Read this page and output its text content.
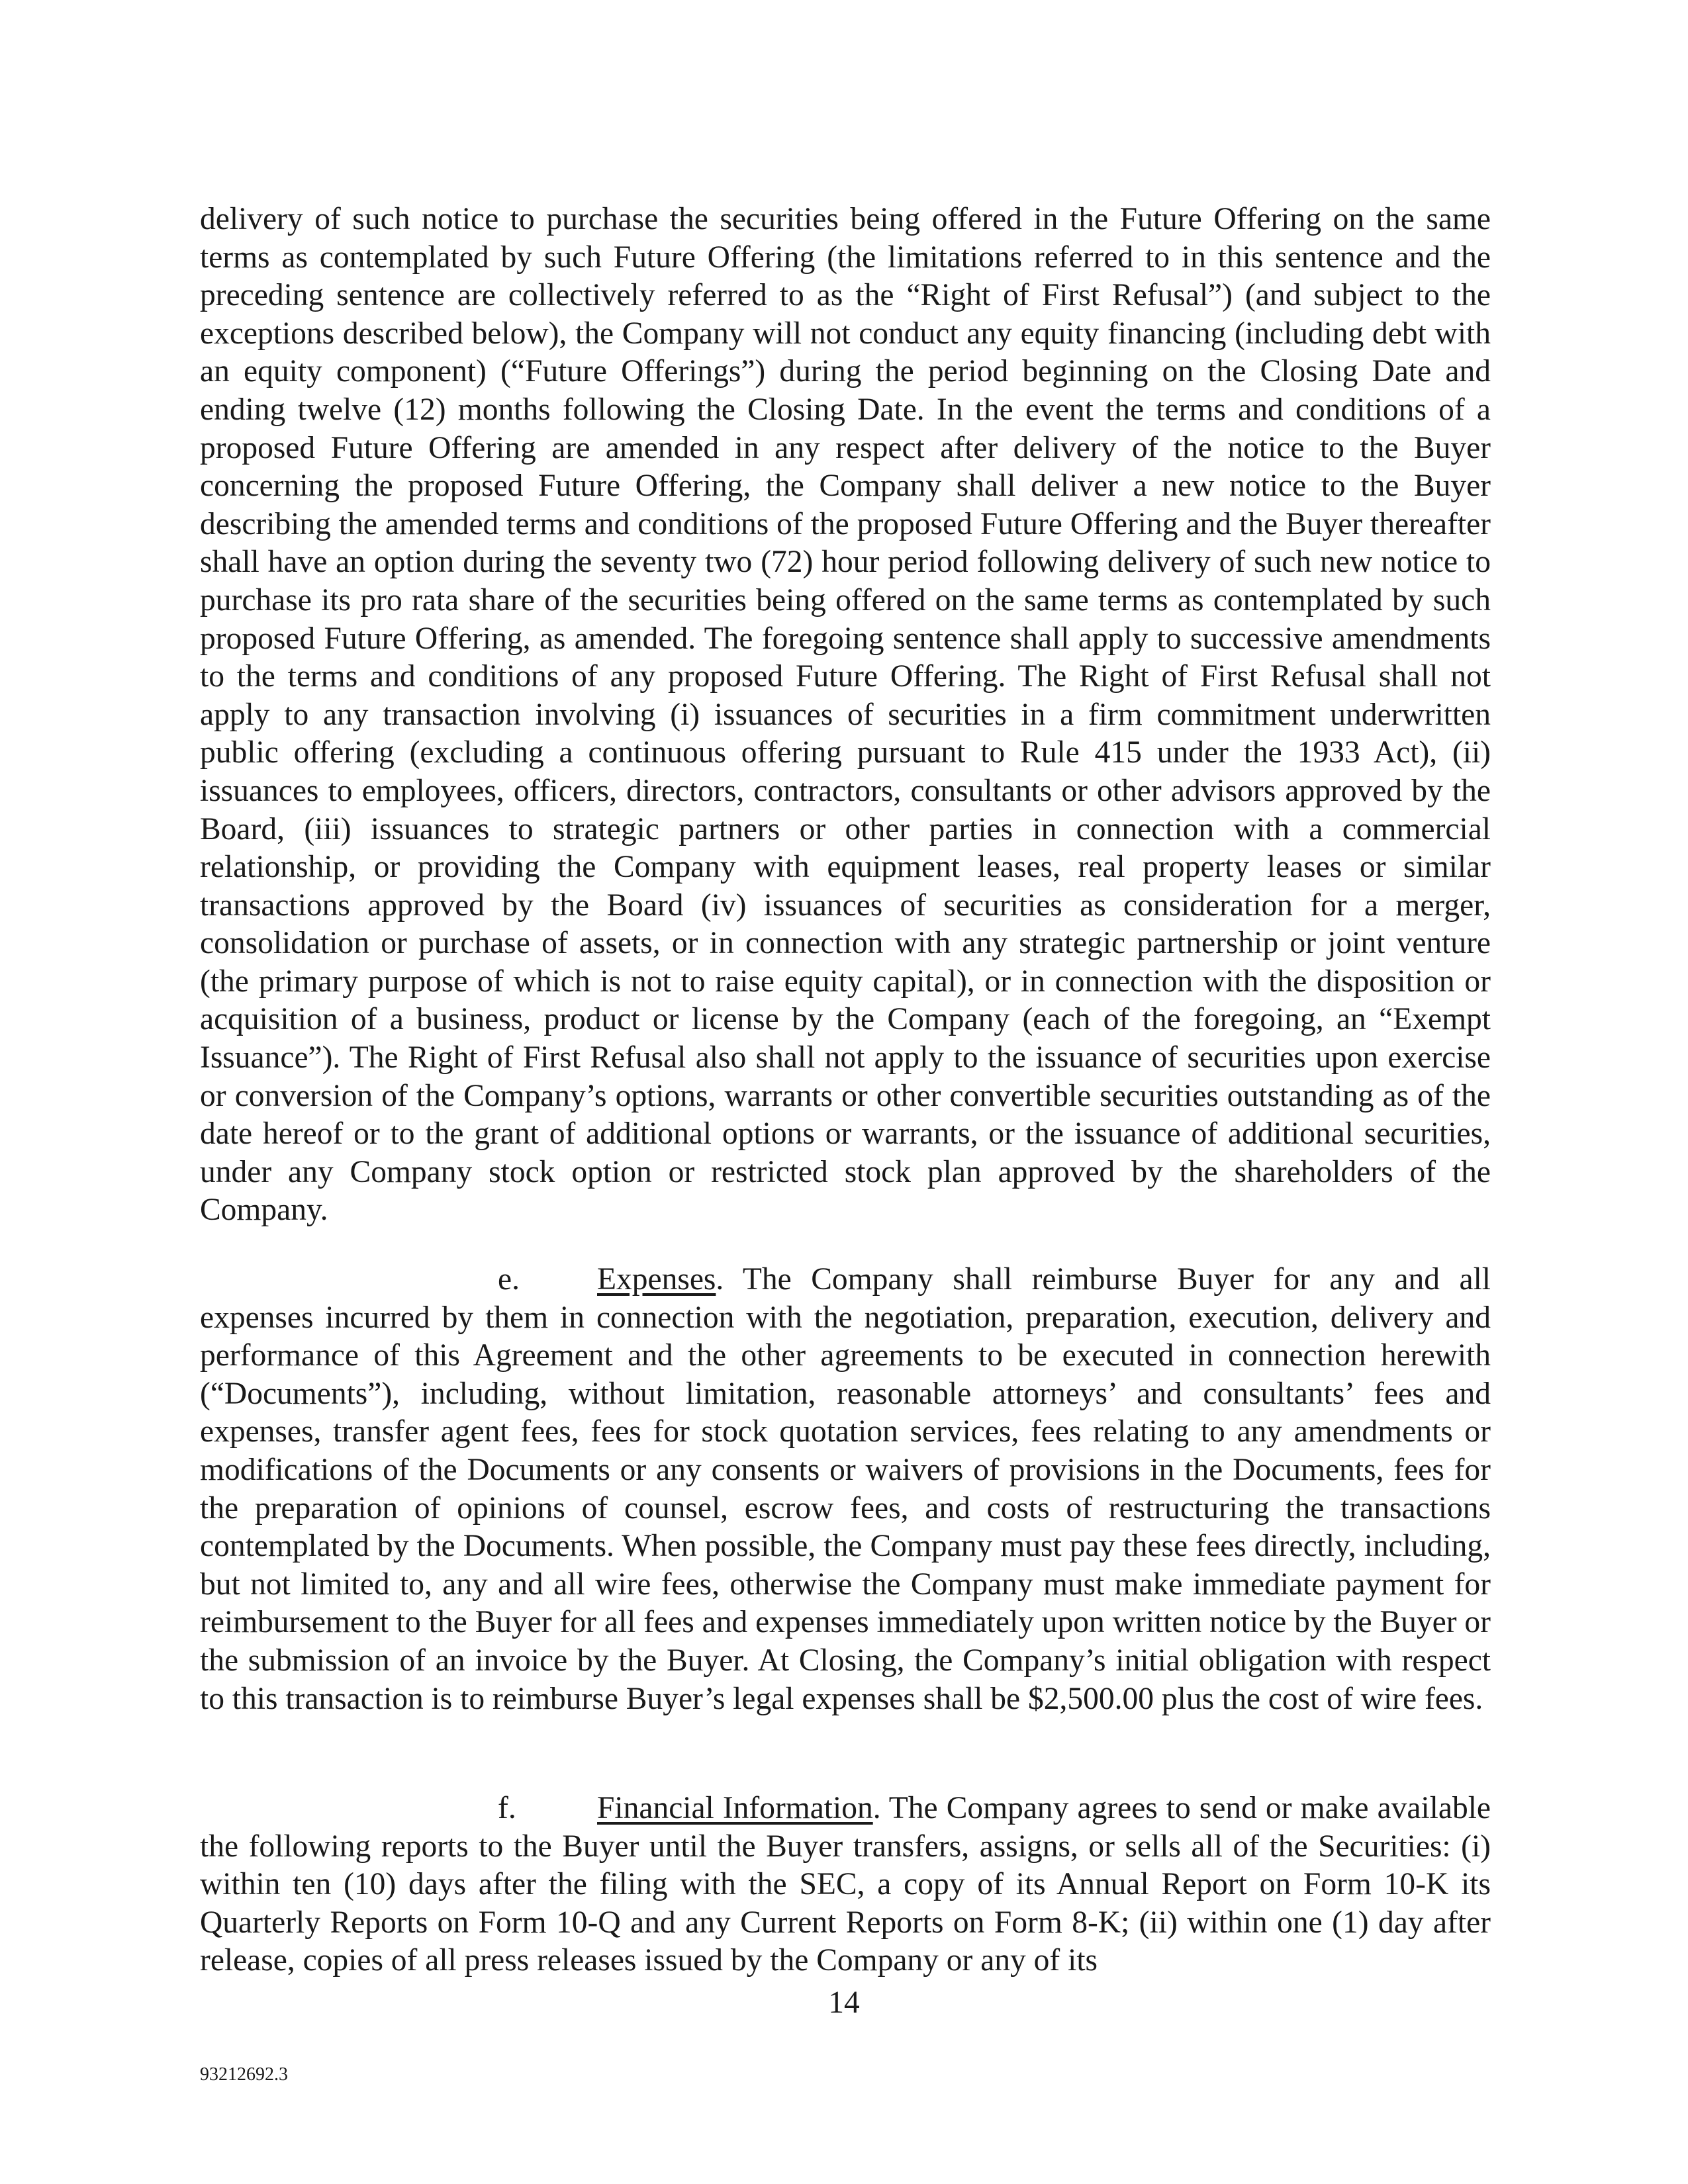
delivery of such notice to purchase the securities being offered in the Future Offering on the same terms as contemplated by such Future Offering (the limitations referred to in this sentence and the preceding sentence are collectively referred to as the “Right of First Refusal”) (and subject to the exceptions described below), the Company will not conduct any equity financing (including debt with an equity component) (“Future Offerings”) during the period beginning on the Closing Date and ending twelve (12) months following the Closing Date. In the event the terms and conditions of a proposed Future Offering are amended in any respect after delivery of the notice to the Buyer concerning the proposed Future Offering, the Company shall deliver a new notice to the Buyer describing the amended terms and conditions of the proposed Future Offering and the Buyer thereafter shall have an option during the seventy two (72) hour period following delivery of such new notice to purchase its pro rata share of the securities being offered on the same terms as contemplated by such proposed Future Offering, as amended. The foregoing sentence shall apply to successive amendments to the terms and conditions of any proposed Future Offering. The Right of First Refusal shall not apply to any transaction involving (i) issuances of securities in a firm commitment underwritten public offering (excluding a continuous offering pursuant to Rule 415 under the 1933 Act), (ii) issuances to employees, officers, directors, contractors, consultants or other advisors approved by the Board, (iii) issuances to strategic partners or other parties in connection with a commercial relationship, or providing the Company with equipment leases, real property leases or similar transactions approved by the Board (iv) issuances of securities as consideration for a merger, consolidation or purchase of assets, or in connection with any strategic partnership or joint venture (the primary purpose of which is not to raise equity capital), or in connection with the disposition or acquisition of a business, product or license by the Company (each of the foregoing, an “Exempt Issuance”). The Right of First Refusal also shall not apply to the issuance of securities upon exercise or conversion of the Company’s options, warrants or other convertible securities outstanding as of the date hereof or to the grant of additional options or warrants, or the issuance of additional securities, under any Company stock option or restricted stock plan approved by the shareholders of the Company.

e. Expenses. The Company shall reimburse Buyer for any and all expenses incurred by them in connection with the negotiation, preparation, execution, delivery and performance of this Agreement and the other agreements to be executed in connection herewith (“Documents”), including, without limitation, reasonable attorneys’ and consultants’ fees and expenses, transfer agent fees, fees for stock quotation services, fees relating to any amendments or modifications of the Documents or any consents or waivers of provisions in the Documents, fees for the preparation of opinions of counsel, escrow fees, and costs of restructuring the transactions contemplated by the Documents. When possible, the Company must pay these fees directly, including, but not limited to, any and all wire fees, otherwise the Company must make immediate payment for reimbursement to the Buyer for all fees and expenses immediately upon written notice by the Buyer or the submission of an invoice by the Buyer. At Closing, the Company’s initial obligation with respect to this transaction is to reimburse Buyer’s legal expenses shall be $2,500.00 plus the cost of wire fees.

f.	Financial Information. The Company agrees to send or make available the following reports to the Buyer until the Buyer transfers, assigns, or sells all of the Securities: (i) within ten (10) days after the filing with the SEC, a copy of its Annual Report on Form 10-K its Quarterly Reports on Form 10-Q and any Current Reports on Form 8-K; (ii) within one (1) day after release, copies of all press releases issued by the Company or any of its

14
93212692.3
